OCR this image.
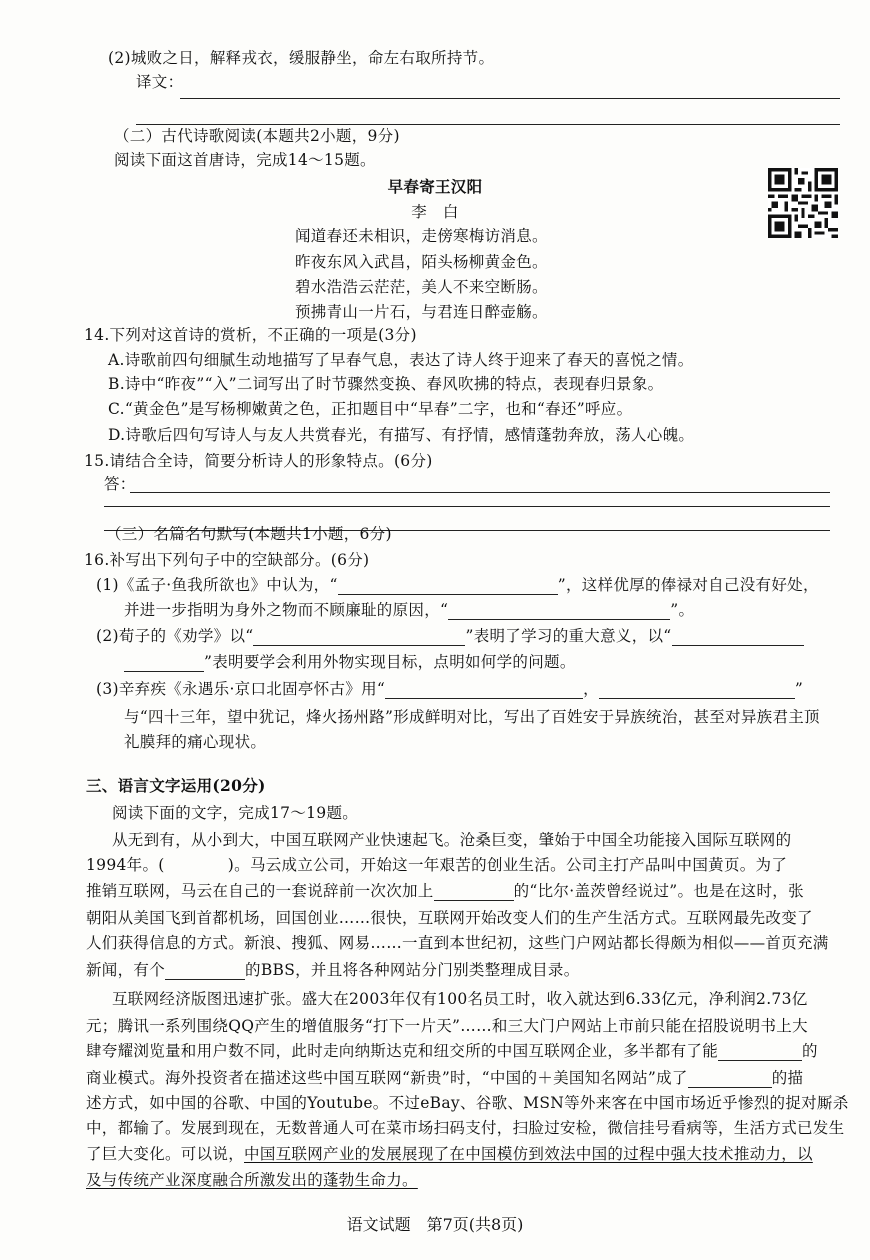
(2)城败之日，解释戎衣，缓服静坐，命左右取所持节。
译文：
（二）古代诗歌阅读(本题共2小题，9分)
阅读下面这首唐诗，完成14～15题。
早春寄王汉阳
李　白
闻道春还未相识，走傍寒梅访消息。
昨夜东风入武昌，陌头杨柳黄金色。
碧水浩浩云茫茫，美人不来空断肠。
预拂青山一片石，与君连日醉壶觞。
14.下列对这首诗的赏析，不正确的一项是(3分)
A.诗歌前四句细腻生动地描写了早春气息，表达了诗人终于迎来了春天的喜悦之情。
B.诗中“昨夜”“入”二词写出了时节骤然变换、春风吹拂的特点，表现春归景象。
C.“黄金色”是写杨柳嫩黄之色，正扣题目中“早春”二字，也和“春还”呼应。
D.诗歌后四句写诗人与友人共赏春光，有描写、有抒情，感情蓬勃奔放，荡人心魄。
15.请结合全诗，简要分析诗人的形象特点。(6分)
答：
（三）名篇名句默写(本题共1小题，6分)
16.补写出下列句子中的空缺部分。(6分)
(1)《孟子·鱼我所欲也》中认为，“	”，这样优厚的俸禄对自己没有好处，
并进一步指明为身外之物而不顾廉耻的原因，“	”。
(2)荀子的《劝学》以“	”表明了学习的重大意义，以“
”表明要学会利用外物实现目标，点明如何学的问题。
(3)辛弃疾《永遇乐·京口北固亭怀古》用“	，	”
与“四十三年，望中犹记，烽火扬州路”形成鲜明对比，写出了百姓安于异族统治，甚至对异族君主顶
礼膜拜的痛心现状。
三、语言文字运用(20分)
阅读下面的文字，完成17～19题。
从无到有，从小到大，中国互联网产业快速起飞。沧桑巨变，肇始于中国全功能接入国际互联网的
1994年。(　　　　)。马云成立公司，开始这一年艰苦的创业生活。公司主打产品叫中国黄页。为了
推销互联网，马云在自己的一套说辞前一次次加上	的“比尔·盖茨曾经说过”。也是在这时，张
朝阳从美国飞到首都机场，回国创业……很快，互联网开始改变人们的生产生活方式。互联网最先改变了
人们获得信息的方式。新浪、搜狐、网易……一直到本世纪初，这些门户网站都长得颇为相似——首页充满
新闻，有个	的BBS，并且将各种网站分门别类整理成目录。
互联网经济版图迅速扩张。盛大在2003年仅有100名员工时，收入就达到6.33亿元，净利润2.73亿
元；腾讯一系列围绕QQ产生的增值服务“打下一片天”……和三大门户网站上市前只能在招股说明书上大
肆夸耀浏览量和用户数不同，此时走向纳斯达克和纽交所的中国互联网企业，多半都有了能	的
商业模式。海外投资者在描述这些中国互联网“新贵”时，“中国的＋美国知名网站”成了	的描
述方式，如中国的谷歌、中国的Youtube。不过eBay、谷歌、MSN等外来客在中国市场近乎惨烈的捉对厮杀
中，都输了。发展到现在，无数普通人可在菜市场扫码支付，扫脸过安检，微信挂号看病等，生活方式已发生
了巨大变化。可以说，中国互联网产业的发展展现了在中国模仿到效法中国的过程中强大技术推动力，以
及与传统产业深度融合所激发出的蓬勃生命力。
语文试题　第7页(共8页)
